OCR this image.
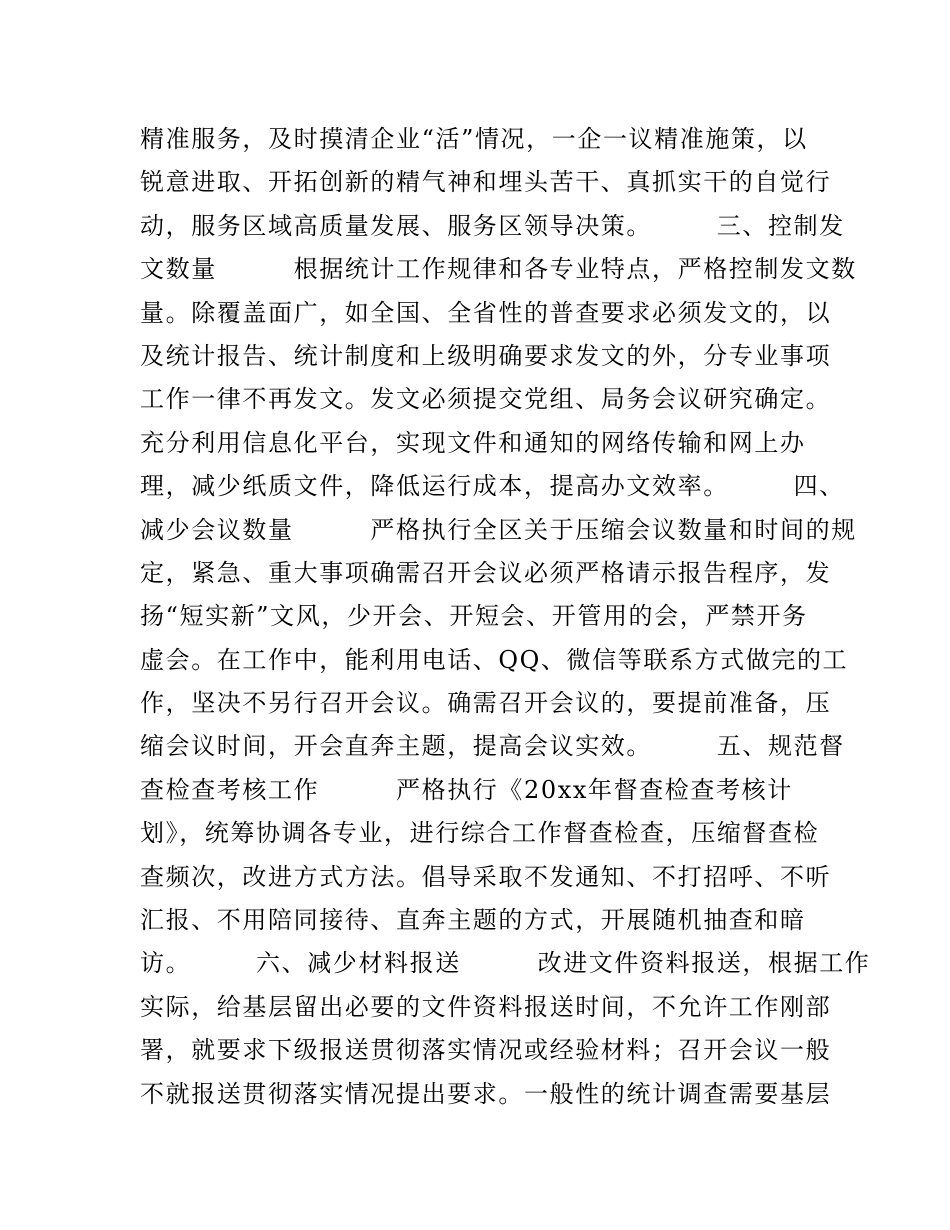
精准服务，及时摸清企业“活”情况，一企一议精准施策，以
锐意进取、开拓创新的精气神和埋头苦干、真抓实干的自觉行
动，服务区域高质量发展、服务区领导决策。　　　三、控制发
文数量　　　根据统计工作规律和各专业特点，严格控制发文数
量。除覆盖面广，如全国、全省性的普查要求必须发文的，以
及统计报告、统计制度和上级明确要求发文的外，分专业事项
工作一律不再发文。发文必须提交党组、局务会议研究确定。
充分利用信息化平台，实现文件和通知的网络传输和网上办
理，减少纸质文件，降低运行成本，提高办文效率。　　　四、
减少会议数量　　　严格执行全区关于压缩会议数量和时间的规
定，紧急、重大事项确需召开会议必须严格请示报告程序，发
扬“短实新”文风，少开会、开短会、开管用的会，严禁开务
虚会。在工作中，能利用电话、QQ、微信等联系方式做完的工
作，坚决不另行召开会议。确需召开会议的，要提前准备，压
缩会议时间，开会直奔主题，提高会议实效。　　　五、规范督
查检查考核工作　　　严格执行《20xx年督查检查考核计
划》，统筹协调各专业，进行综合工作督查检查，压缩督查检
查频次，改进方式方法。倡导采取不发通知、不打招呼、不听
汇报、不用陪同接待、直奔主题的方式，开展随机抽查和暗
访。　　　六、减少材料报送　　　改进文件资料报送，根据工作
实际，给基层留出必要的文件资料报送时间，不允许工作刚部
署，就要求下级报送贯彻落实情况或经验材料；召开会议一般
不就报送贯彻落实情况提出要求。一般性的统计调查需要基层
